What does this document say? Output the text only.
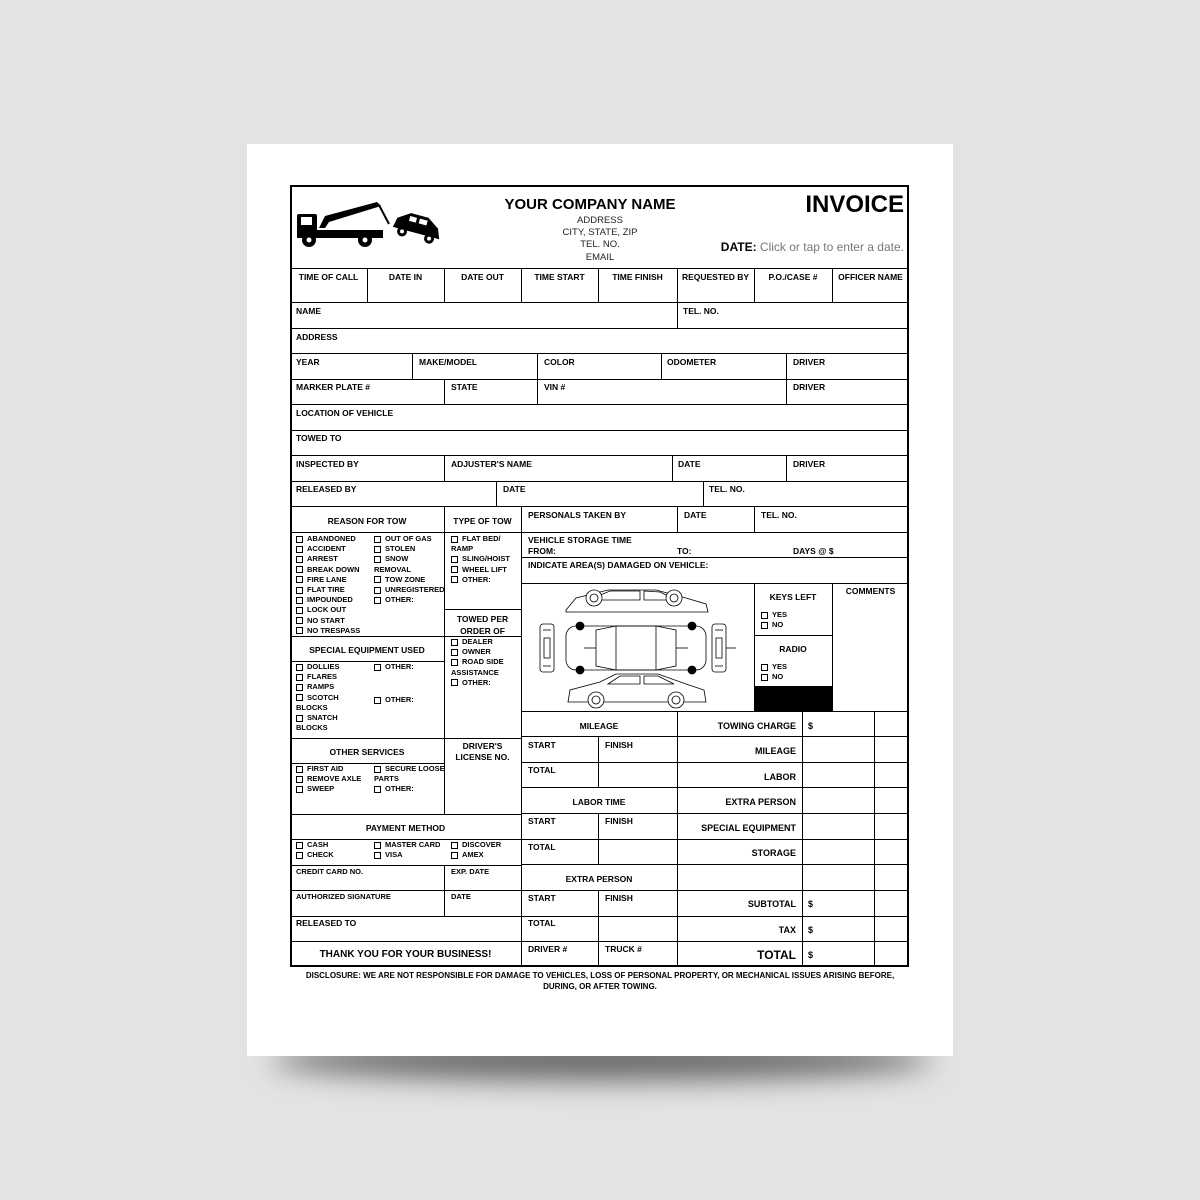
YOUR COMPANY NAME
ADDRESS
CITY, STATE, ZIP
TEL. NO.
EMAIL
INVOICE
DATE: Click or tap to enter a date.
TIME OF CALL	DATE IN	DATE OUT	TIME START	TIME FINISH	REQUESTED BY	P.O./CASE #	OFFICER NAME
NAME	TEL. NO.
ADDRESS
YEAR	MAKE/MODEL	COLOR	ODOMETER	DRIVER
MARKER PLATE #	STATE	VIN #	DRIVER
LOCATION OF VEHICLE
TOWED TO
INSPECTED BY	ADJUSTER'S NAME	DATE	DRIVER
RELEASED BY	DATE	TEL. NO.
REASON FOR TOW
ABANDONED
ACCIDENT
ARREST
BREAK DOWN
FIRE LANE
FLAT TIRE
IMPOUNDED
LOCK OUT
NO START
NO TRESPASS
OUT OF GAS
STOLEN
SNOW
REMOVAL
TOW ZONE
UNREGISTERED
OTHER:
TYPE OF TOW
FLAT BED/
RAMP
SLING/HOIST
WHEEL LIFT
OTHER:
TOWED PER
ORDER OF
DEALER
OWNER
ROAD SIDE
ASSISTANCE
OTHER:
SPECIAL EQUIPMENT USED
DOLLIES
FLARES
RAMPS
SCOTCH
BLOCKS
SNATCH
BLOCKS
OTHER:
OTHER:
OTHER SERVICES
DRIVER'S
LICENSE NO.
FIRST AID
REMOVE AXLE
SWEEP
SECURE LOOSE
PARTS
OTHER:
PAYMENT METHOD
CASH
CHECK
MASTER CARD
VISA
DISCOVER
AMEX
CREDIT CARD NO.	EXP. DATE
AUTHORIZED SIGNATURE	DATE
RELEASED TO
THANK YOU FOR YOUR BUSINESS!
PERSONALS TAKEN BY	DATE	TEL. NO.
VEHICLE STORAGE TIME
FROM:	TO:	DAYS @ $
INDICATE AREA(S) DAMAGED ON VEHICLE:
KEYS LEFT
YES
NO
RADIO
YES
NO
COMMENTS
MILEAGE
START	FINISH
TOTAL
LABOR TIME
START	FINISH
TOTAL
EXTRA PERSON
START	FINISH
TOTAL
DRIVER #	TRUCK #
TOWING CHARGE $
MILEAGE
LABOR
EXTRA PERSON
SPECIAL EQUIPMENT
STORAGE
SUBTOTAL $
TAX $
TOTAL $
DISCLOSURE: WE ARE NOT RESPONSIBLE FOR DAMAGE TO VEHICLES, LOSS OF PERSONAL PROPERTY, OR MECHANICAL ISSUES ARISING BEFORE, DURING, OR AFTER TOWING.
